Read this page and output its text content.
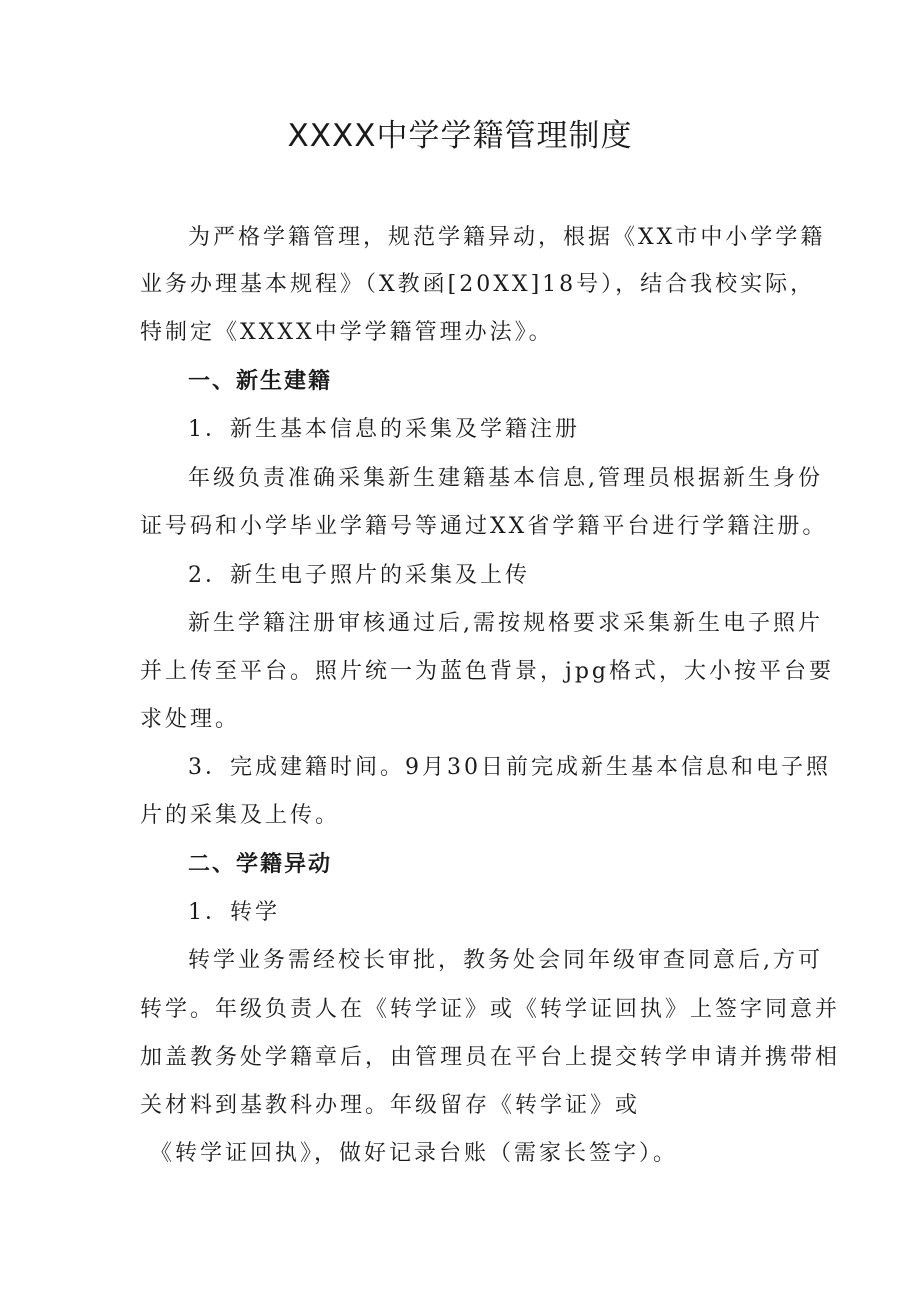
XXXX中学学籍管理制度

为严格学籍管理，规范学籍异动，根据《XX市中小学学籍

业务办理基本规程》（X教函[20XX]18号），结合我校实际，

特制定《XXXX中学学籍管理办法》。

一、新生建籍

1．新生基本信息的采集及学籍注册

年级负责准确采集新生建籍基本信息,管理员根据新生身份

证号码和小学毕业学籍号等通过XX省学籍平台进行学籍注册。

2．新生电子照片的采集及上传

新生学籍注册审核通过后,需按规格要求采集新生电子照片

并上传至平台。照片统一为蓝色背景，jpg格式，大小按平台要

求处理。

3．完成建籍时间。9月30日前完成新生基本信息和电子照

片的采集及上传。

二、学籍异动

1．转学

转学业务需经校长审批，教务处会同年级审查同意后,方可

转学。年级负责人在《转学证》或《转学证回执》上签字同意并

加盖教务处学籍章后，由管理员在平台上提交转学申请并携带相

关材料到基教科办理。年级留存《转学证》或

《转学证回执》，做好记录台账（需家长签字）。
